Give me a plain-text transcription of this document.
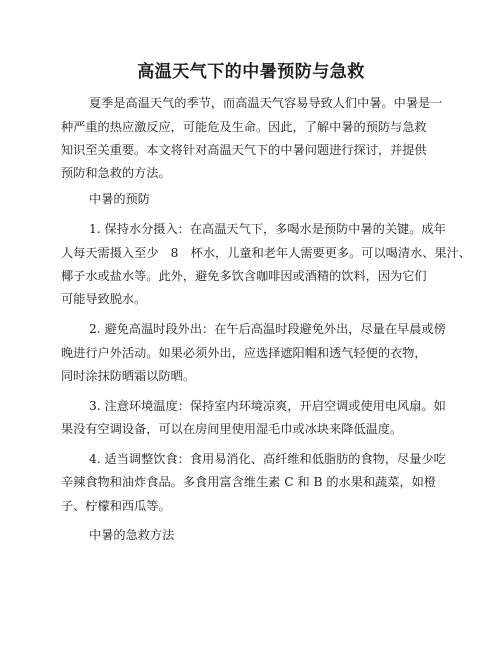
高温天气下的中暑预防与急救
夏季是高温天气的季节，而高温天气容易导致人们中暑。中暑是一
种严重的热应激反应，可能危及生命。因此，了解中暑的预防与急救
知识至关重要。本文将针对高温天气下的中暑问题进行探讨，并提供
预防和急救的方法。
中暑的预防
1. 保持水分摄入：在高温天气下，多喝水是预防中暑的关键。成年
人每天需摄入至少　8　杯水，儿童和老年人需要更多。可以喝清水、果汁、
椰子水或盐水等。此外，避免多饮含咖啡因或酒精的饮料，因为它们
可能导致脱水。
2. 避免高温时段外出：在午后高温时段避免外出，尽量在早晨或傍
晚进行户外活动。如果必须外出，应选择遮阳帽和透气轻便的衣物，
同时涂抹防晒霜以防晒。
3. 注意环境温度：保持室内环境凉爽，开启空调或使用电风扇。如
果没有空调设备，可以在房间里使用湿毛巾或冰块来降低温度。
4. 适当调整饮食：食用易消化、高纤维和低脂肪的食物，尽量少吃
辛辣食物和油炸食品。多食用富含维生素 C 和 B 的水果和蔬菜，如橙
子、柠檬和西瓜等。
中暑的急救方法
